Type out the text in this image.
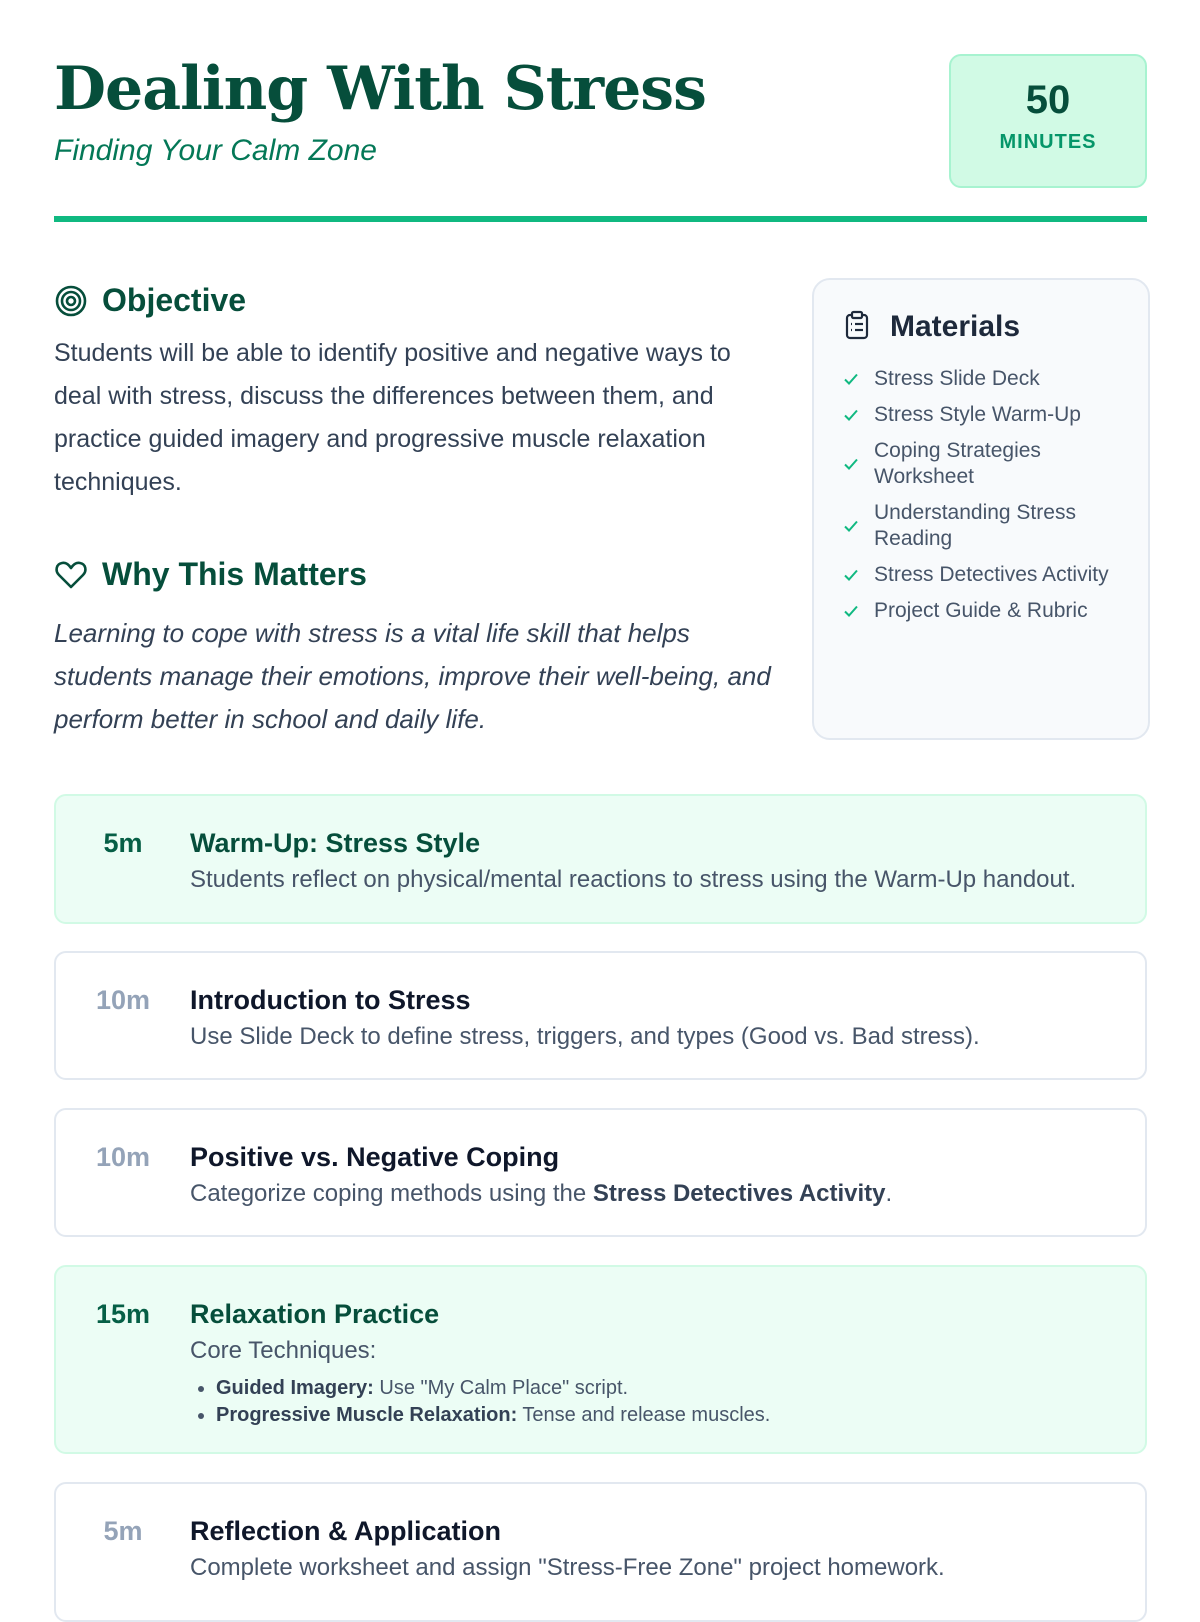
Dealing With Stress

Finding Your Calm Zone

50
MINUTES
Objective

Students will be able to identify positive and negative ways to deal with stress, discuss the differences between them, and practice guided imagery and progressive muscle relaxation techniques.

Why This Matters

Learning to cope with stress is a vital life skill that helps students manage their emotions, improve their well-being, and perform better in school and daily life.

Materials
Stress Slide Deck
Stress Style Warm-Up
Coping Strategies Worksheet
Understanding Stress Reading
Stress Detectives Activity
Project Guide & Rubric
5m	Warm-Up: Stress Style

Students reflect on physical/mental reactions to stress using the Warm-Up handout.

10m	Introduction to Stress

Use Slide Deck to define stress, triggers, and types (Good vs. Bad stress).

10m	Positive vs. Negative Coping

Categorize coping methods using the Stress Detectives Activity.

15m	Relaxation Practice

Core Techniques:

• Guided Imagery: Use "My Calm Place" script.
• Progressive Muscle Relaxation: Tense and release muscles.
5m	Reflection & Application

Complete worksheet and assign "Stress-Free Zone" project homework.
